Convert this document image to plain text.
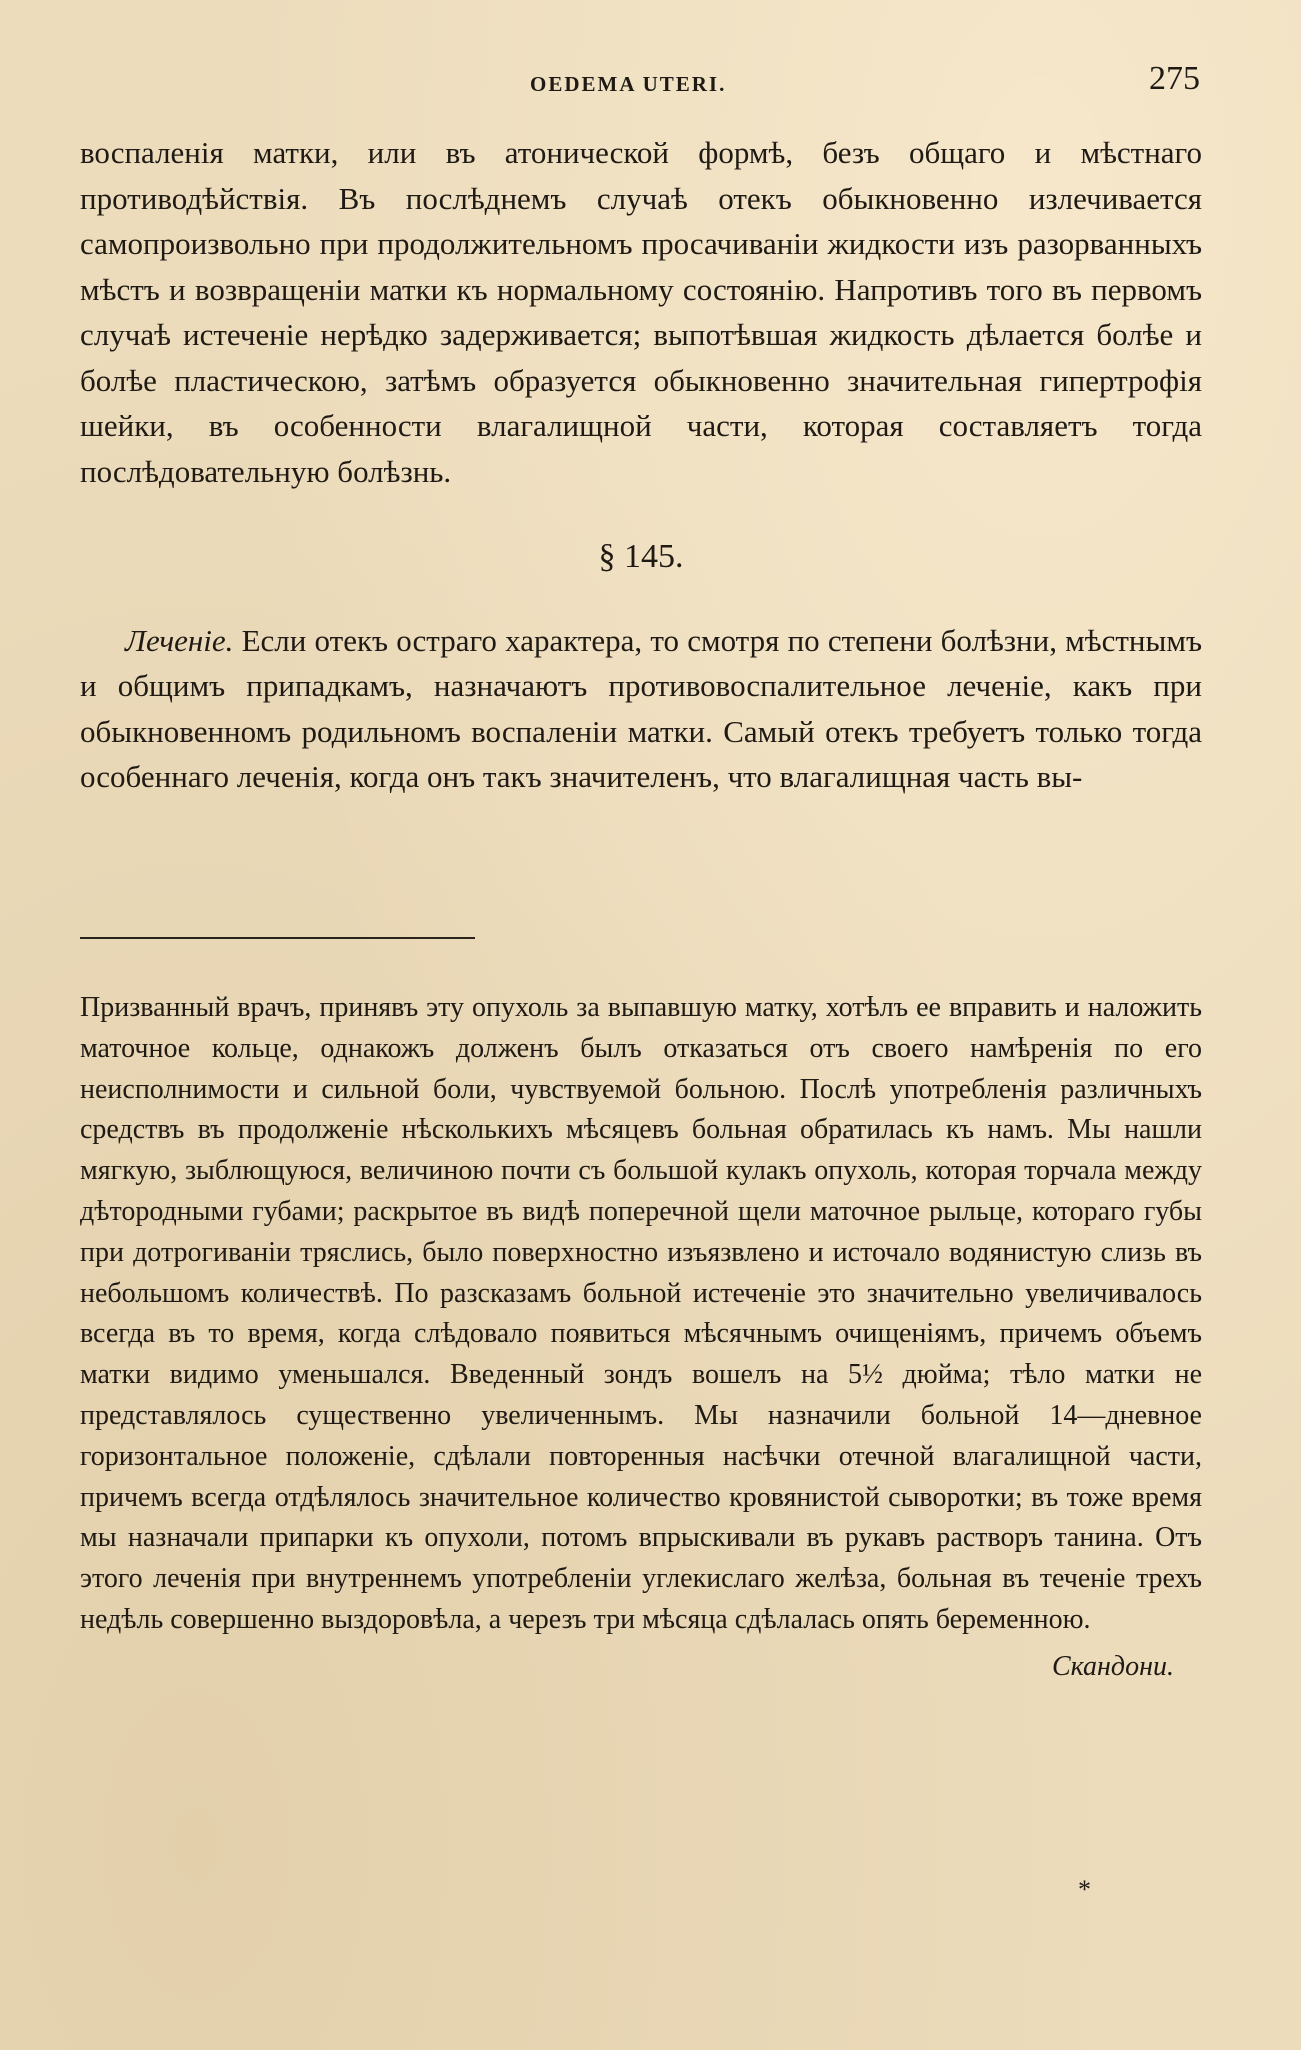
OEDEMA UTERI.	275

воспаленія матки, или въ атонической формѣ, безъ общаго и мѣстнаго противодѣйствія. Въ послѣднемъ случаѣ отекъ обыкновенно излечивается самопроизвольно при продолжительномъ просачиваніи жидкости изъ разорванныхъ мѣстъ и возвращеніи матки къ нормальному состоянію. Напротивъ того въ первомъ случаѣ истеченіе нерѣдко задерживается; выпотѣвшая жидкость дѣлается болѣе и болѣе пластическою, затѣмъ образуется обыкновенно значительная гипертрофія шейки, въ особенности влагалищной части, которая составляетъ тогда послѣдовательную болѣзнь.

§ 145.

Леченіе. Если отекъ остраго характера, то смотря по степени болѣзни, мѣстнымъ и общимъ припадкамъ, назначаютъ противовоспалительное леченіе, какъ при обыкновенномъ родильномъ воспаленіи матки. Самый отекъ требуетъ только тогда особеннаго леченія, когда онъ такъ значителенъ, что влагалищная часть вы-

Призванный врачъ, принявъ эту опухоль за выпавшую матку, хотѣлъ ее вправить и наложить маточное кольце, однакожъ долженъ былъ отказаться отъ своего намѣренія по его неисполнимости и сильной боли, чувствуемой больною. Послѣ употребленія различныхъ средствъ въ продолженіе нѣсколькихъ мѣсяцевъ больная обратилась къ намъ. Мы нашли мягкую, зыблющуюся, величиною почти съ большой кулакъ опухоль, которая торчала между дѣтородными губами; раскрытое въ видѣ поперечной щели маточное рыльце, котораго губы при дотрогиваніи тряслись, было поверхностно изъязвлено и источало водянистую слизь въ небольшомъ количествѣ. По разсказамъ больной истеченіе это значительно увеличивалось всегда въ то время, когда слѣдовало появиться мѣсячнымъ очищеніямъ, причемъ объемъ матки видимо уменьшался. Введенный зондъ вошелъ на 5½ дюйма; тѣло матки не представлялось существенно увеличеннымъ. Мы назначили больной 14—дневное горизонтальное положеніе, сдѣлали повторенныя насѣчки отечной влагалищной части, причемъ всегда отдѣлялось значительное количество кровянистой сыворотки; въ тоже время мы назначали припарки къ опухоли, потомъ впрыскивали въ рукавъ растворъ танина. Отъ этого леченія при внутреннемъ употребленіи углекислаго желѣза, больная въ теченіе трехъ недѣль совершенно выздоровѣла, а черезъ три мѣсяца сдѣлалась опять беременною.

Скандони.

*
